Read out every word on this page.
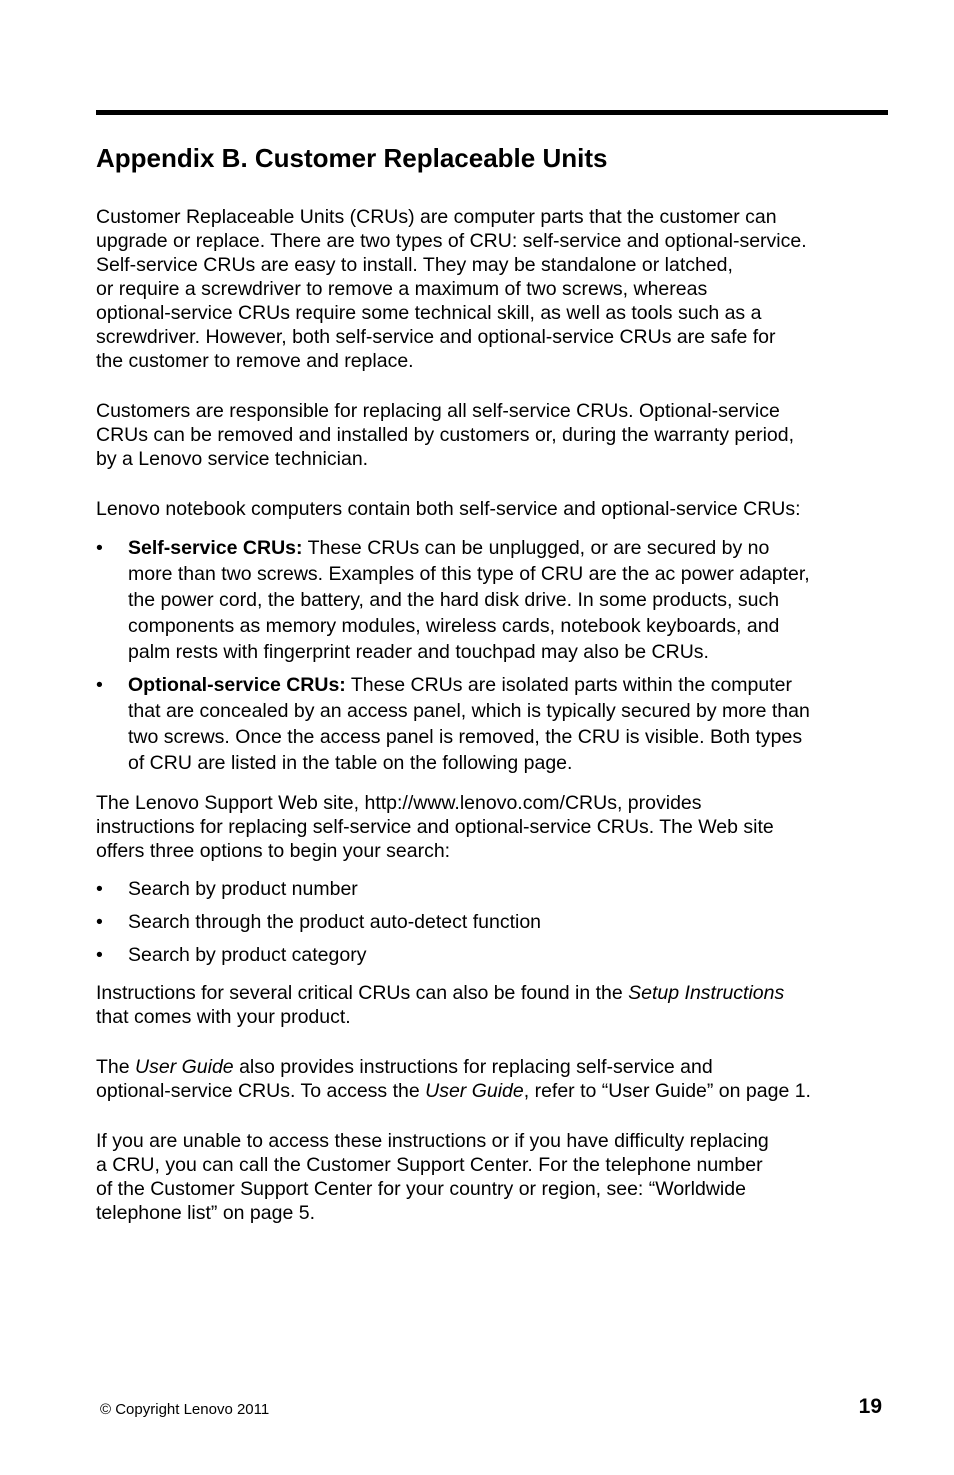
Appendix B. Customer Replaceable Units

Customer Replaceable Units (CRUs) are computer parts that the customer can

upgrade or replace. There are two types of CRU: self-service and optional-service.

Self-service CRUs are easy to install. They may be standalone or latched,

or require a screwdriver to remove a maximum of two screws, whereas

optional-service CRUs require some technical skill, as well as tools such as a

screwdriver. However, both self-service and optional-service CRUs are safe for

the customer to remove and replace.

Customers are responsible for replacing all self-service CRUs. Optional-service

CRUs can be removed and installed by customers or, during the warranty period,

by a Lenovo service technician.

Lenovo notebook computers contain both self-service and optional-service CRUs:

• Self-service CRUs: These CRUs can be unplugged, or are secured by no
more than two screws. Examples of this type of CRU are the ac power adapter,
the power cord, the battery, and the hard disk drive. In some products, such
components as memory modules, wireless cards, notebook keyboards, and
palm rests with fingerprint reader and touchpad may also be CRUs.
• Optional-service CRUs: These CRUs are isolated parts within the computer
that are concealed by an access panel, which is typically secured by more than
two screws. Once the access panel is removed, the CRU is visible. Both types
of CRU are listed in the table on the following page.

The Lenovo Support Web site, http://www.lenovo.com/CRUs, provides

instructions for replacing self-service and optional-service CRUs. The Web site

offers three options to begin your search:

• Search by product number
• Search through the product auto-detect function
• Search by product category

Instructions for several critical CRUs can also be found in the Setup Instructions

that comes with your product.

The User Guide also provides instructions for replacing self-service and

optional-service CRUs. To access the User Guide, refer to “User Guide” on page 1.

If you are unable to access these instructions or if you have difficulty replacing

a CRU, you can call the Customer Support Center. For the telephone number

of the Customer Support Center for your country or region, see: “Worldwide

telephone list” on page 5.

© Copyright Lenovo 2011	19
